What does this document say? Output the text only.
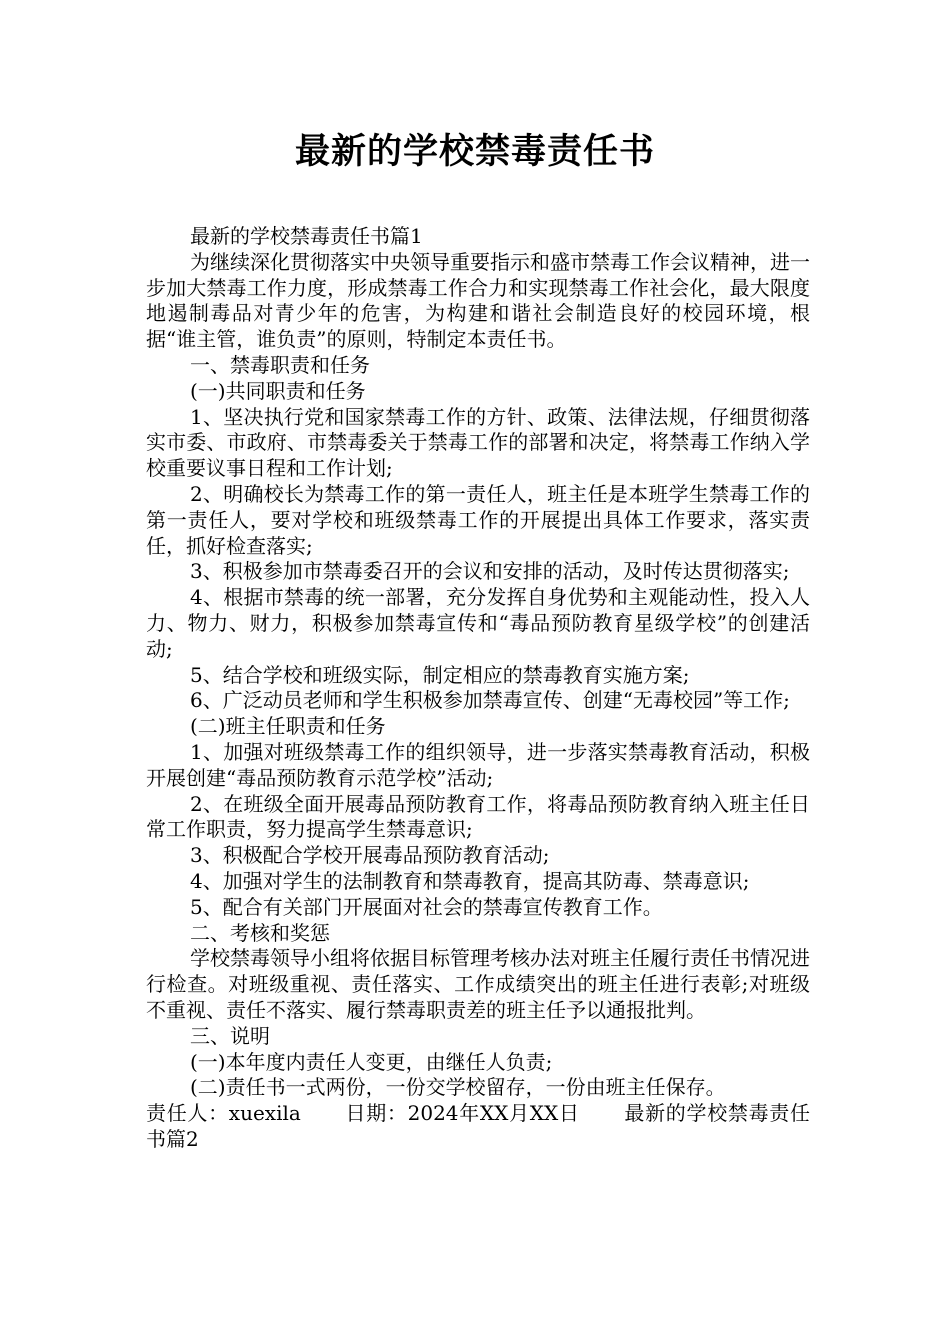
最新的学校禁毒责任书

最新的学校禁毒责任书篇1

为继续深化贯彻落实中央领导重要指示和盛市禁毒工作会议精神，进一步加大禁毒工作力度，形成禁毒工作合力和实现禁毒工作社会化，最大限度地遏制毒品对青少年的危害，为构建和谐社会制造良好的校园环境，根据“谁主管，谁负责”的原则，特制定本责任书。

一、禁毒职责和任务

(一)共同职责和任务

1、坚决执行党和国家禁毒工作的方针、政策、法律法规，仔细贯彻落实市委、市政府、市禁毒委关于禁毒工作的部署和决定，将禁毒工作纳入学校重要议事日程和工作计划;

2、明确校长为禁毒工作的第一责任人，班主任是本班学生禁毒工作的第一责任人，要对学校和班级禁毒工作的开展提出具体工作要求，落实责任，抓好检查落实;

3、积极参加市禁毒委召开的会议和安排的活动，及时传达贯彻落实;

4、根据市禁毒的统一部署，充分发挥自身优势和主观能动性，投入人力、物力、财力，积极参加禁毒宣传和“毒品预防教育星级学校”的创建活动;

5、结合学校和班级实际，制定相应的禁毒教育实施方案;

6、广泛动员老师和学生积极参加禁毒宣传、创建“无毒校园”等工作;

(二)班主任职责和任务

1、加强对班级禁毒工作的组织领导，进一步落实禁毒教育活动，积极开展创建“毒品预防教育示范学校”活动;

2、在班级全面开展毒品预防教育工作，将毒品预防教育纳入班主任日常工作职责，努力提高学生禁毒意识;

3、积极配合学校开展毒品预防教育活动;

4、加强对学生的法制教育和禁毒教育，提高其防毒、禁毒意识;

5、配合有关部门开展面对社会的禁毒宣传教育工作。

二、考核和奖惩

学校禁毒领导小组将依据目标管理考核办法对班主任履行责任书情况进行检查。对班级重视、责任落实、工作成绩突出的班主任进行表彰;对班级不重视、责任不落实、履行禁毒职责差的班主任予以通报批判。

三、说明

(一)本年度内责任人变更，由继任人负责;

(二)责任书一式两份，一份交学校留存，一份由班主任保存。

责任人：xuexila 日期：2024年XX月XX日 最新的学校禁毒责任书篇2
